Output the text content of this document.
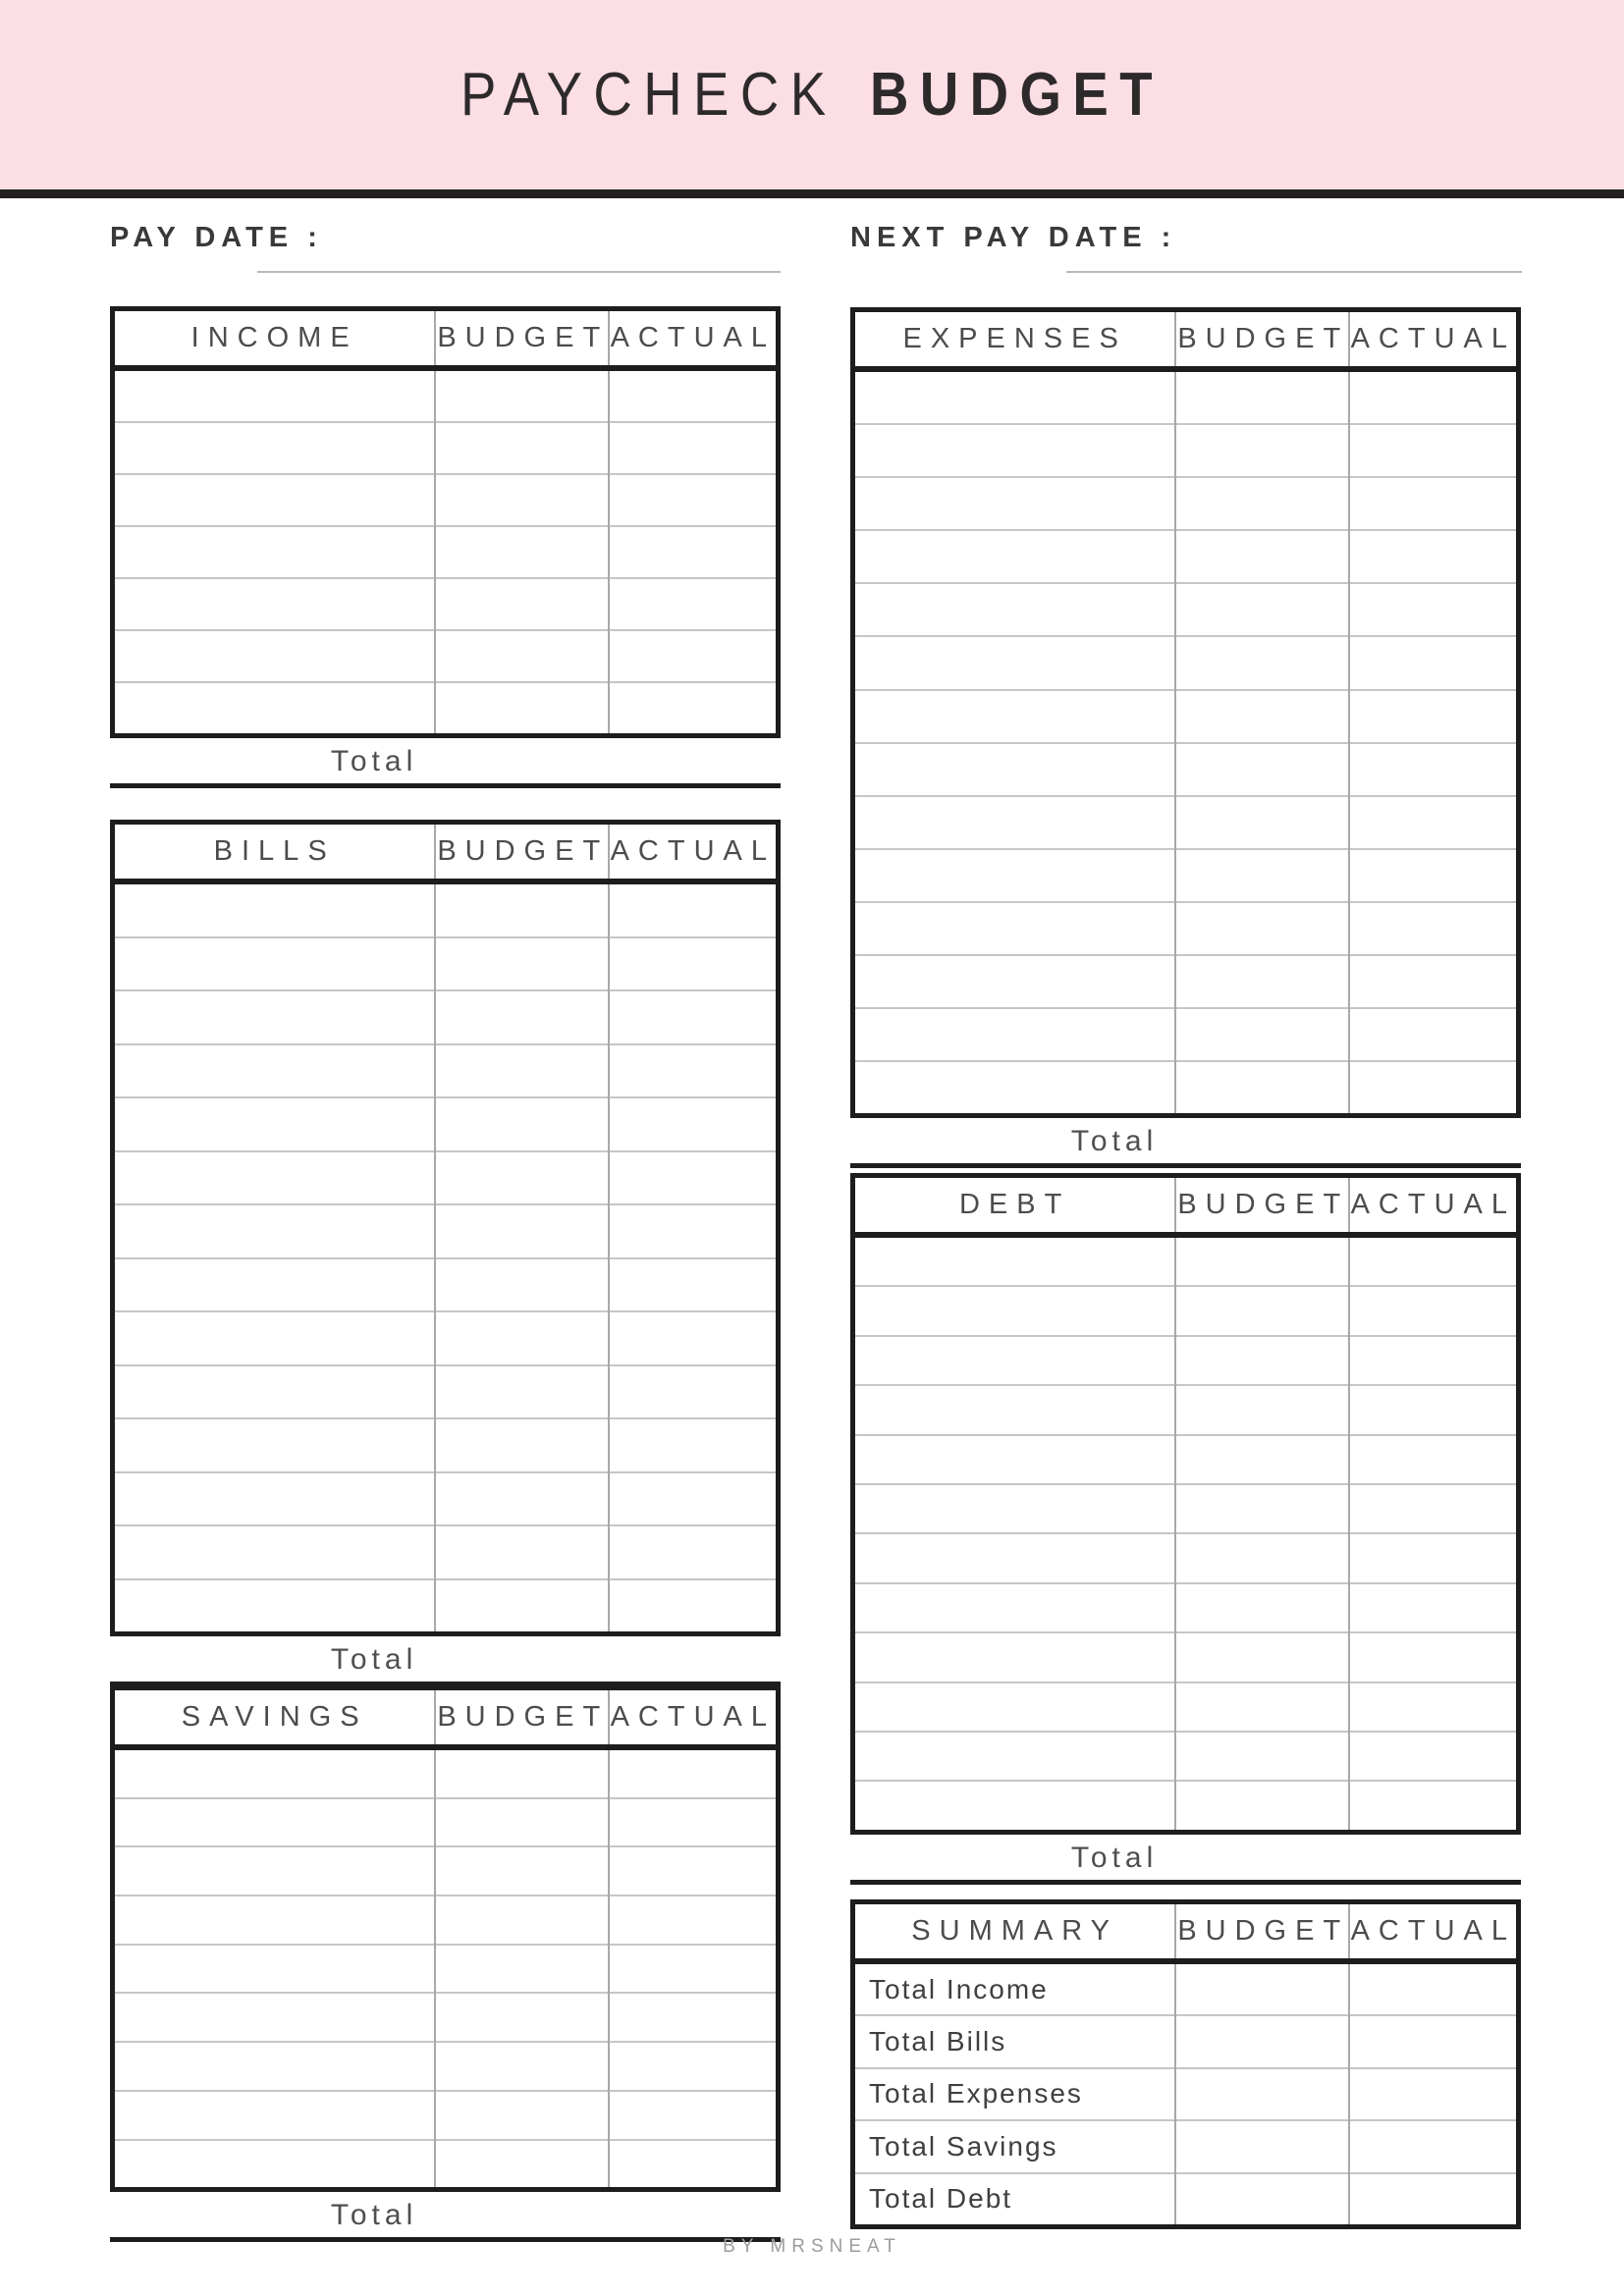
PAYCHECK BUDGET
PAY DATE :
INCOME	BUDGET	ACTUAL

Total
BILLS	BUDGET	ACTUAL

Total
SAVINGS	BUDGET	ACTUAL

Total
NEXT PAY DATE :
EXPENSES	BUDGET	ACTUAL

Total
DEBT	BUDGET	ACTUAL

Total
SUMMARY	BUDGET	ACTUAL
Total Income		
Total Bills		
Total Expenses		
Total Savings		
Total Debt		
BY MRSNEAT
